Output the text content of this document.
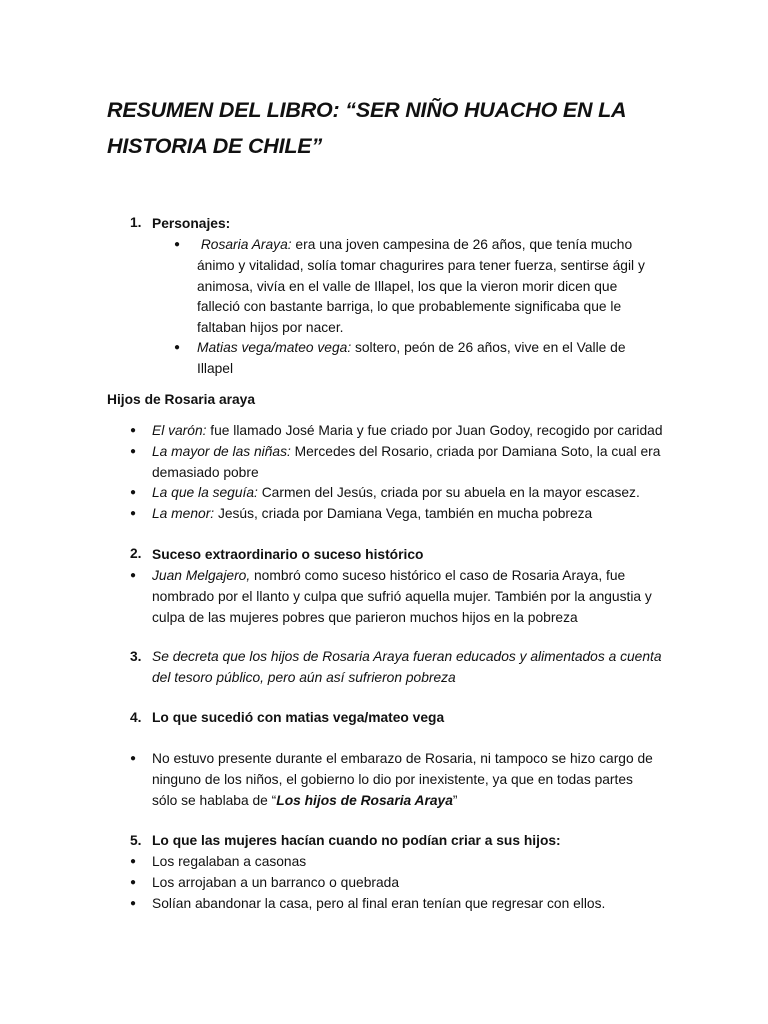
RESUMEN DEL LIBRO: “SER NIÑO HUACHO EN LA
HISTORIA DE CHILE”
1. Personajes:
● Rosaria Araya: era una joven campesina de 26 años, que tenía mucho

ánimo y vitalidad, solía tomar chagurires para tener fuerza, sentirse ágil y

animosa, vivía en el valle de Illapel, los que la vieron morir dicen que

falleció con bastante barriga, lo que probablemente significaba que le

faltaban hijos por nacer.

● Matias vega/mateo vega: soltero, peón de 26 años, vive en el Valle de

Illapel

Hijos de Rosaria araya
● El varón: fue llamado José Maria y fue criado por Juan Godoy, recogido por caridad

● La mayor de las niñas: Mercedes del Rosario, criada por Damiana Soto, la cual era

demasiado pobre

● La que la seguía: Carmen del Jesús, criada por su abuela en la mayor escasez.

● La menor: Jesús, criada por Damiana Vega, también en mucha pobreza

2. Suceso extraordinario o suceso histórico
● Juan Melgajero, nombró como suceso histórico el caso de Rosaria Araya, fue

nombrado por el llanto y culpa que sufrió aquella mujer. También por la angustia y

culpa de las mujeres pobres que parieron muchos hijos en la pobreza

3. Se decreta que los hijos de Rosaria Araya fueran educados y alimentados a cuenta

del tesoro público, pero aún así sufrieron pobreza

4. Lo que sucedió con matias vega/mateo vega
● No estuvo presente durante el embarazo de Rosaria, ni tampoco se hizo cargo de

ninguno de los niños, el gobierno lo dio por inexistente, ya que en todas partes

sólo se hablaba de “Los hijos de Rosaria Araya”

5. Lo que las mujeres hacían cuando no podían criar a sus hijos:
● Los regalaban a casonas
● Los arrojaban a un barranco o quebrada
● Solían abandonar la casa, pero al final eran tenían que regresar con ellos.
